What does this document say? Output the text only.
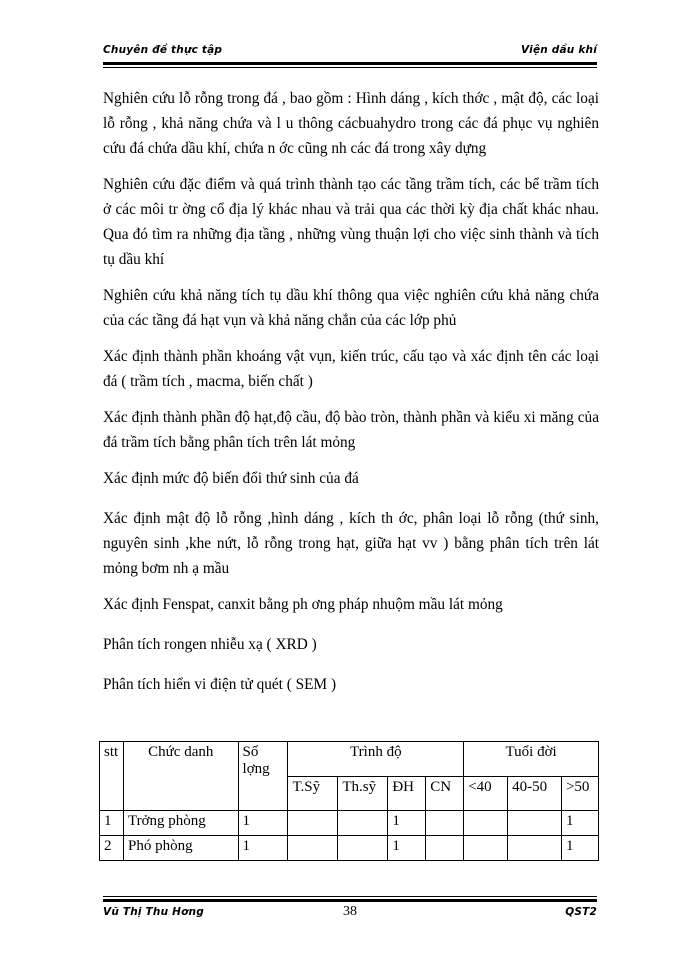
Chuyên đề thực tập	Viện dầu khí

Nghiên cứu lỗ rỗng trong đá , bao gồm : Hình dáng , kích thớc , mật độ, các loại lỗ rỗng , khả năng chứa và l u thông cácbuahydro trong các đá phục vụ nghiên cứu đá chứa dầu khí, chứa n ớc cũng nh các đá trong xây dựng

Nghiên cứu đặc điểm và quá trình thành tạo các tầng trầm tích, các bể trầm tích ở các môi tr ờng cổ địa lý khác nhau và trải qua các thời kỳ địa chất khác nhau. Qua đó tìm ra những địa tầng , những vùng thuận lợi cho việc sinh thành và tích tụ dầu khí

Nghiên cứu khả năng tích tụ dầu khí thông qua việc nghiên cứu khả năng chứa của các tầng đá hạt vụn và khả năng chắn của các lớp phủ

Xác định thành phần khoáng vật vụn, kiến trúc, cấu tạo và xác định tên các loại đá ( trầm tích , macma, biến chất )

Xác định thành phần độ hạt,độ cầu, độ bào tròn, thành phần và kiểu xi măng của đá trầm tích bằng phân tích trên lát mỏng

Xác định mức độ biến đổi thứ sinh của đá

Xác định mật độ lỗ rỗng ,hình dáng , kích th ớc, phân loại lỗ rỗng (thứ sinh, nguyên sinh ,khe nứt, lỗ rỗng trong hạt, giữa hạt vv ) bằng phân tích trên lát mỏng bơm nh ạ mầu

Xác định Fenspat, canxit bằng ph ơng pháp nhuộm mầu lát mỏng

Phân tích rongen nhiễu xạ ( XRD )

Phân tích hiển vi điện tử quét ( SEM )

stt	Chức danh	Số lợng	Trình độ				Tuổi đời		
			T.Sỹ	Th.sỹ	ĐH	CN	<40	40-50	>50
1	Trởng phòng	1			1				1
2	Phó phòng	1			1				1
Vũ Thị Thu Hơng	38	QST2
